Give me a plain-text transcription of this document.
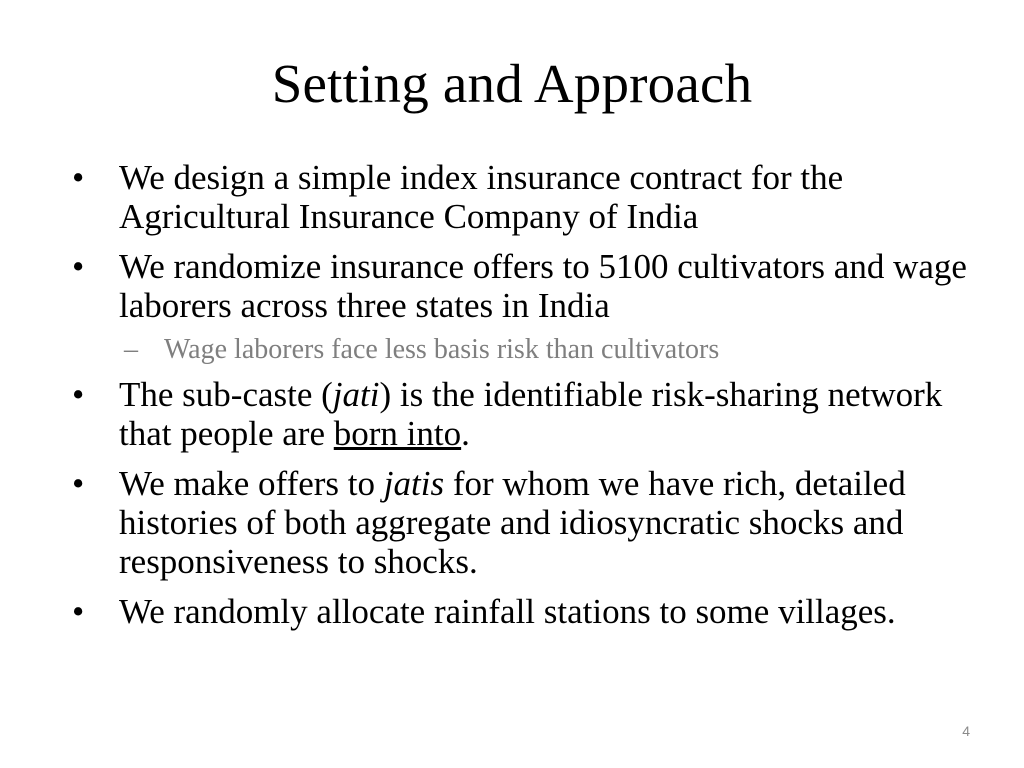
Setting and Approach
• We design a simple index insurance contract for the Agricultural Insurance Company of India
• We randomize insurance offers to 5100 cultivators and wage laborers across three states in India
– Wage laborers face less basis risk than cultivators
• The sub-caste (jati) is the identifiable risk-sharing network that people are born into.
• We make offers to jatis for whom we have rich, detailed histories of both aggregate and idiosyncratic shocks and responsiveness to shocks.
• We randomly allocate rainfall stations to some villages.
4
